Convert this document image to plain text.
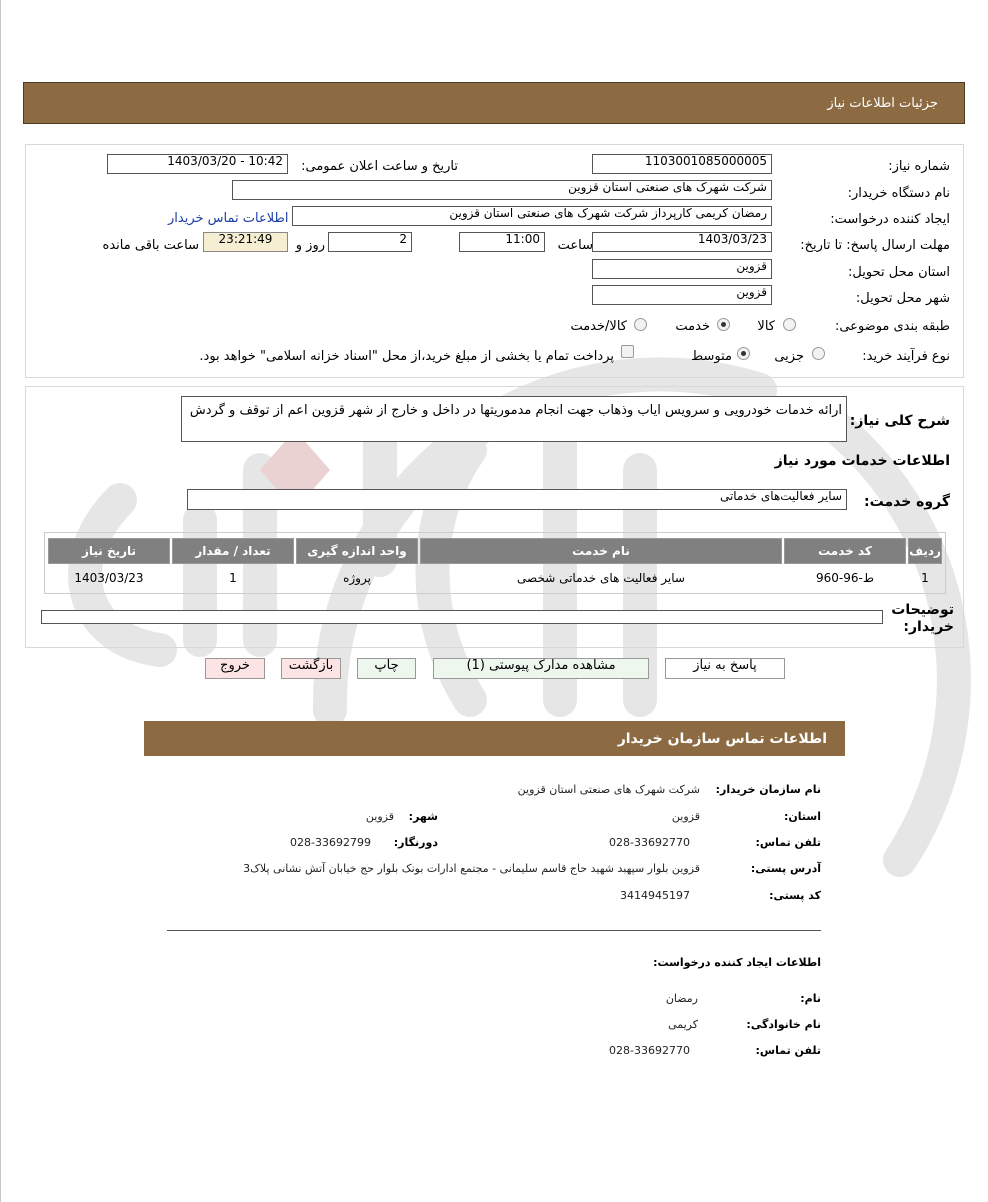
جزئیات اطلاعات نیاز
شماره نیاز:
1103001085000005
تاریخ و ساعت اعلان عمومی:
1403/03/20 - 10:42
نام دستگاه خریدار:
شرکت شهرک های صنعتی استان قزوین
ایجاد کننده درخواست:
رمضان کریمی کارپرداز شرکت شهرک های صنعتی استان قزوین
اطلاعات تماس خریدار
مهلت ارسال پاسخ: تا تاریخ:
1403/03/23
ساعت
11:00
2
روز و
23:21:49
ساعت باقی مانده
استان محل تحویل:
قزوین
شهر محل تحویل:
قزوین
طبقه بندی موضوعی:
کالا
خدمت
کالا/خدمت
نوع فرآیند خرید:
جزیی
متوسط
پرداخت تمام یا بخشی از مبلغ خرید،از محل "اسناد خزانه اسلامی" خواهد بود.
شرح کلی نیاز:
ارائه خدمات خودرویی و سرویس ایاب وذهاب جهت انجام مدموریتها در داخل و خارج از شهر قزوین اعم از توقف و گردش
اطلاعات خدمات مورد نیاز
گروه خدمت:
سایر فعالیت‌های خدماتی
ردیف	کد خدمت	نام خدمت	واحد اندازه گیری	تعداد / مقدار	تاریخ نیاز
1	ط-96-960	سایر فعالیت های خدماتی شخصی	پروژه	1	1403/03/23
توضیحات خریدار:
پاسخ به نیاز
مشاهده مدارک پیوستی (1)
چاپ
بازگشت
خروج
اطلاعات تماس سازمان خریدار
نام سازمان خریدار:
شرکت شهرک های صنعتی استان قزوین
استان:
قزوین
شهر:
قزوین
تلفن تماس:
028-33692770
دورنگار:
028-33692799
آدرس پستی:
قزوین بلوار سپهبد شهید حاج قاسم سلیمانی - مجتمع ادارات بونک بلوار حج خیابان آتش نشانی پلاک3
کد پستی:
3414945197
اطلاعات ایجاد کننده درخواست:
نام:
رمضان
نام خانوادگی:
کریمی
تلفن تماس:
028-33692770
